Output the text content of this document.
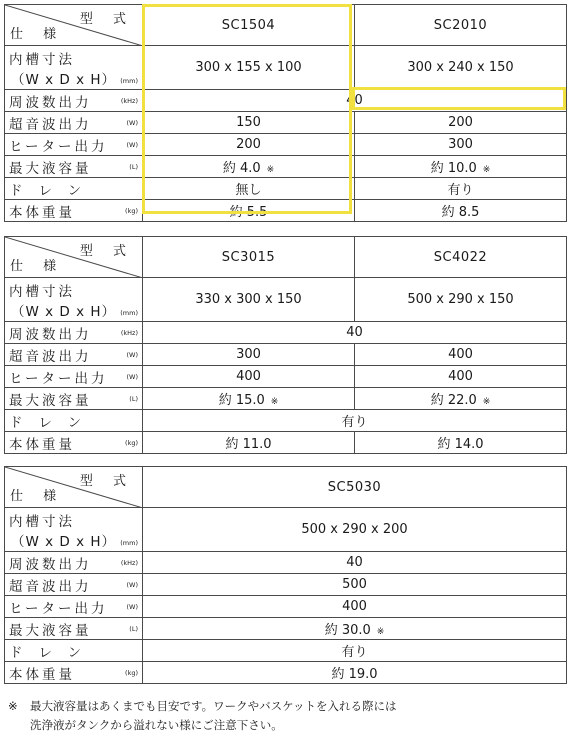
型 式
仕 様	SC1504	SC2010
内槽寸法
（W x D x H） (mm)	300 x 155 x 100	300 x 240 x 150
周波数出力 (kHz)	40	
超音波出力 (W)	150	200
ヒーター出力 (W)	200	300
最大液容量 (L)	約 4.0 ※	約 10.0 ※
ドレン	無し	有り
本体重量 (kg)	約 5.5	約 8.5
型 式
仕 様	SC3015	SC4022
内槽寸法
（W x D x H） (mm)	330 x 300 x 150	500 x 290 x 150
周波数出力 (kHz)	40	
超音波出力 (W)	300	400
ヒーター出力 (W)	400	400
最大液容量 (L)	約 15.0 ※	約 22.0 ※
ドレン	有り	
本体重量 (kg)	約 11.0	約 14.0
型 式
仕 様	SC5030
内槽寸法
（W x D x H） (mm)	500 x 290 x 200
周波数出力 (kHz)	40
超音波出力 (W)	500
ヒーター出力 (W)	400
最大液容量 (L)	約 30.0 ※
ドレン	有り
本体重量 (kg)	約 19.0
※ 最大液容量はあくまでも目安です。ワークやバスケットを入れる際には
洗浄液がタンクから溢れない様にご注意下さい。
